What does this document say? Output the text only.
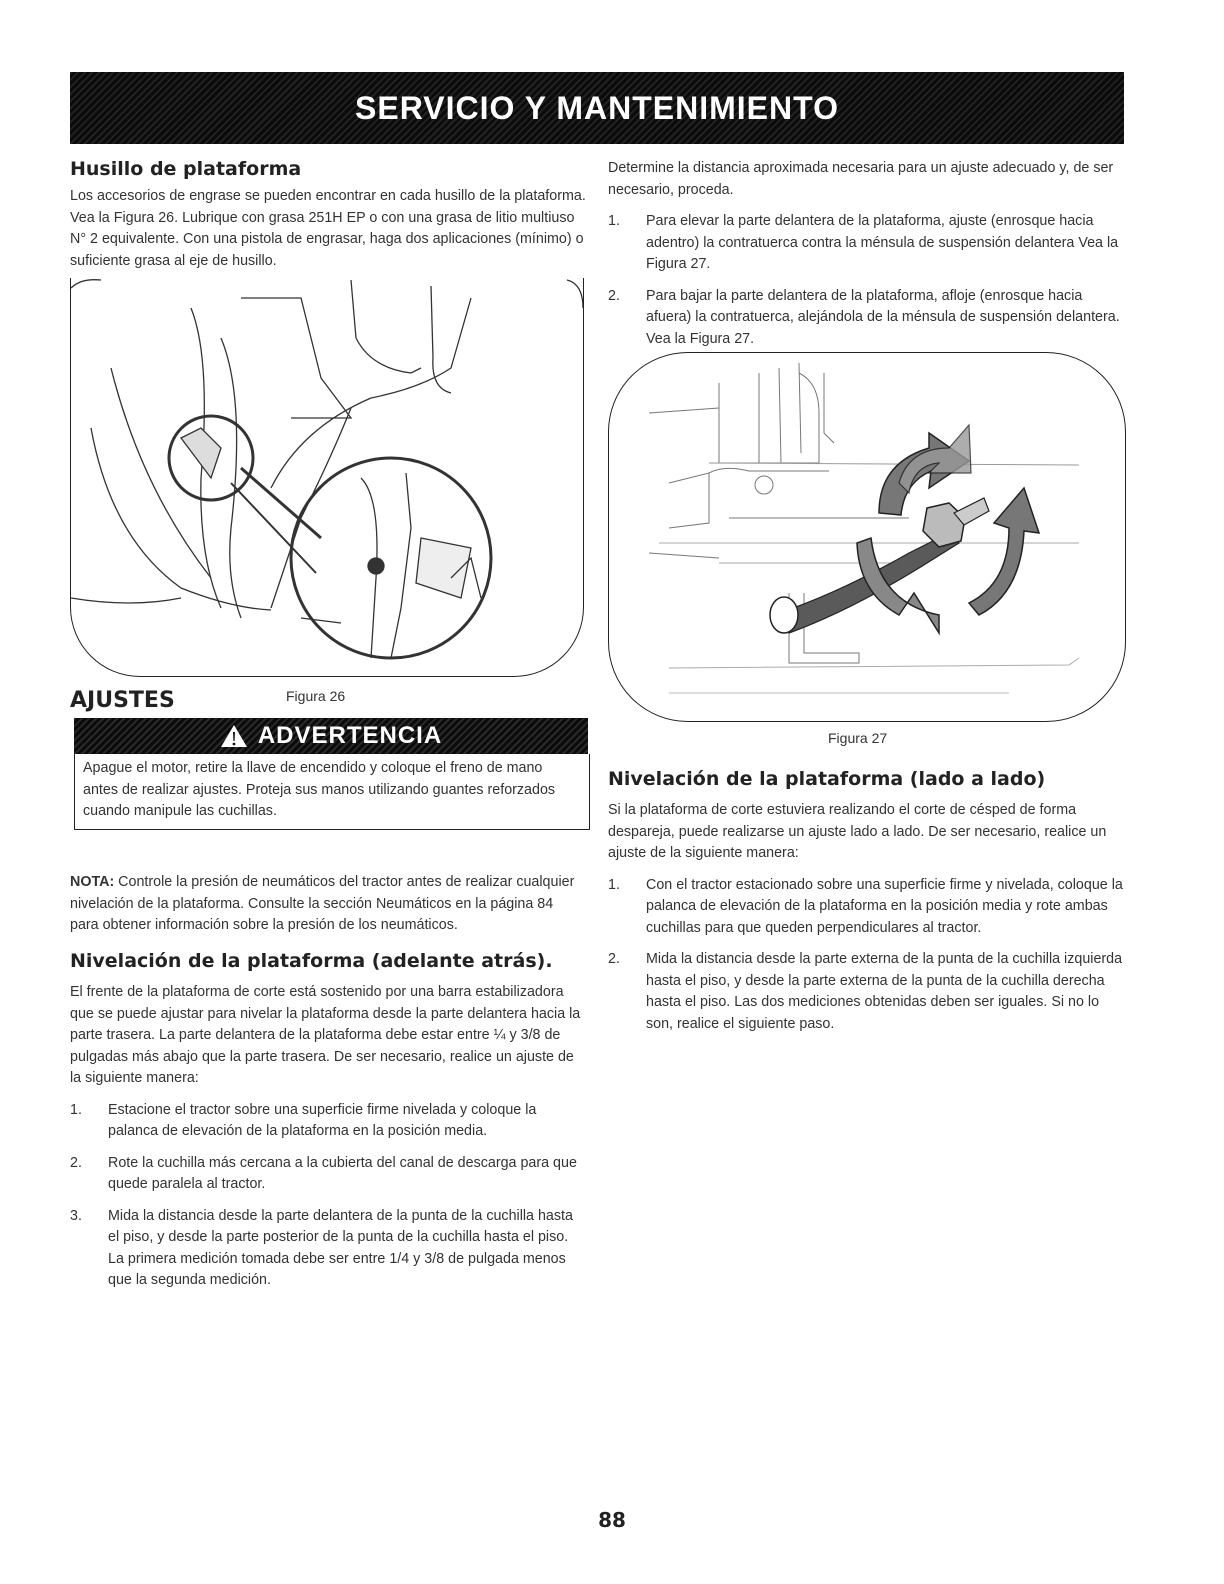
SERVICIO Y MANTENIMIENTO
Husillo de plataforma

Los accesorios de engrase se pueden encontrar en cada husillo de la plataforma. Vea la Figura 26. Lubrique con grasa 251H EP o con una grasa de litio multiuso N° 2 equivalente. Con una pistola de engrasar, haga dos aplicaciones (mínimo) o suficiente grasa al eje de husillo.

Figura 26
AJUSTES
ADVERTENCIA

Apague el motor, retire la llave de encendido y coloque el freno de mano antes de realizar ajustes. Proteja sus manos utilizando guantes reforzados cuando manipule las cuchillas.

NOTA: Controle la presión de neumáticos del tractor antes de realizar cualquier nivelación de la plataforma. Consulte la sección Neumáticos en la página 84 para obtener información sobre la presión de los neumáticos.

Nivelación de la plataforma (adelante atrás).

El frente de la plataforma de corte está sostenido por una barra estabilizadora que se puede ajustar para nivelar la plataforma desde la parte delantera hacia la parte trasera. La parte delantera de la plataforma debe estar entre ¼ y 3/8 de pulgadas más abajo que la parte trasera. De ser necesario, realice un ajuste de la siguiente manera:

1. Estacione el tractor sobre una superficie firme nivelada y coloque la palanca de elevación de la plataforma en la posición media.
2. Rote la cuchilla más cercana a la cubierta del canal de descarga para que quede paralela al tractor.
3. Mida la distancia desde la parte delantera de la punta de la cuchilla hasta el piso, y desde la parte posterior de la punta de la cuchilla hasta el piso. La primera medición tomada debe ser entre 1/4 y 3/8 de pulgada menos que la segunda medición.

Determine la distancia aproximada necesaria para un ajuste adecuado y, de ser necesario, proceda.

1. Para elevar la parte delantera de la plataforma, ajuste (enrosque hacia adentro) la contratuerca contra la ménsula de suspensión delantera Vea la Figura 27.
2. Para bajar la parte delantera de la plataforma, afloje (enrosque hacia afuera) la contratuerca, alejándola de la ménsula de suspensión delantera. Vea la Figura 27.
Figura 27
Nivelación de la plataforma (lado a lado)

Si la plataforma de corte estuviera realizando el corte de césped de forma despareja, puede realizarse un ajuste lado a lado. De ser necesario, realice un ajuste de la siguiente manera:

1. Con el tractor estacionado sobre una superficie firme y nivelada, coloque la palanca de elevación de la plataforma en la posición media y rote ambas cuchillas para que queden perpendiculares al tractor.
2. Mida la distancia desde la parte externa de la punta de la cuchilla izquierda hasta el piso, y desde la parte externa de la punta de la cuchilla derecha hasta el piso. Las dos mediciones obtenidas deben ser iguales. Si no lo son, realice el siguiente paso.
88
